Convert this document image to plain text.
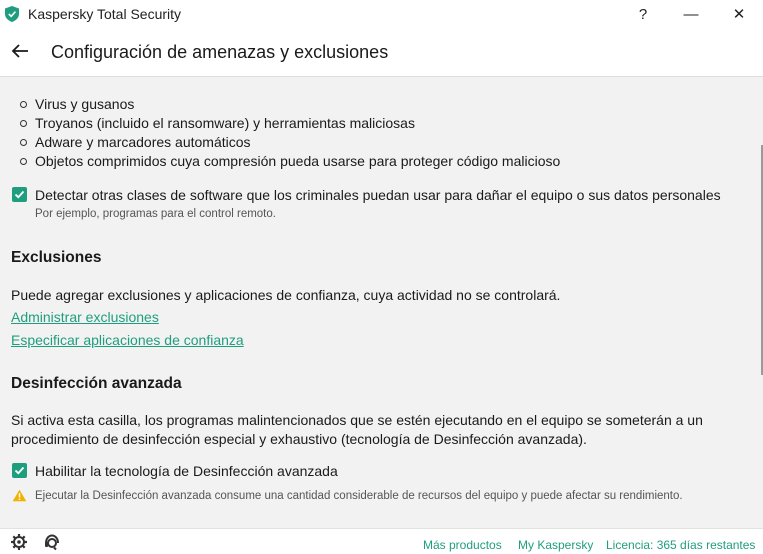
Kaspersky Total Security	?	—	✕
Configuración de amenazas y exclusiones
Virus y gusanos
Troyanos (incluido el ransomware) y herramientas maliciosas
Adware y marcadores automáticos
Objetos comprimidos cuya compresión pueda usarse para proteger código malicioso
Detectar otras clases de software que los criminales puedan usar para dañar el equipo o sus datos personales
Por ejemplo, programas para el control remoto.
Exclusiones
Puede agregar exclusiones y aplicaciones de confianza, cuya actividad no se controlará.
Administrar exclusiones
Especificar aplicaciones de confianza
Desinfección avanzada
Si activa esta casilla, los programas malintencionados que se estén ejecutando en el equipo se someterán a un
procedimiento de desinfección especial y exhaustivo (tecnología de Desinfección avanzada).
Habilitar la tecnología de Desinfección avanzada
Ejecutar la Desinfección avanzada consume una cantidad considerable de recursos del equipo y puede afectar su rendimiento.
Más productos My Kaspersky Licencia: 365 días restantes
